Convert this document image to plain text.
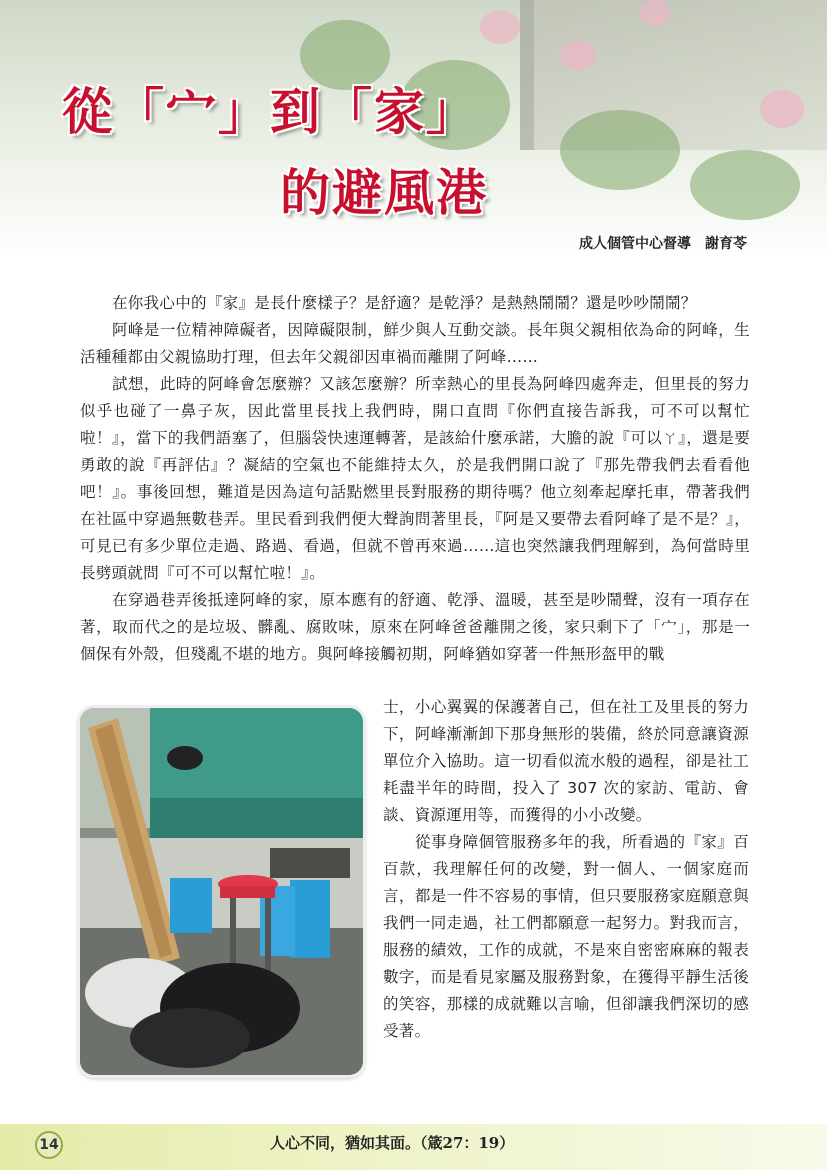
從「宀」到「家」
的避風港
成人個管中心督導　謝育苓

在你我心中的『家』是長什麼樣子？是舒適？是乾淨？是熱熱鬧鬧？還是吵吵鬧鬧？

阿峰是一位精神障礙者，因障礙限制，鮮少與人互動交談。長年與父親相依為命的阿峰，生活種種都由父親協助打理，但去年父親卻因車禍而離開了阿峰……

試想，此時的阿峰會怎麼辦？又該怎麼辦？所幸熱心的里長為阿峰四處奔走，但里長的努力似乎也碰了一鼻子灰，因此當里長找上我們時，開口直問『你們直接告訴我，可不可以幫忙啦！』，當下的我們語塞了，但腦袋快速運轉著，是該給什麼承諾，大膽的說『可以ㄚ』，還是要勇敢的說『再評估』？凝結的空氣也不能維持太久，於是我們開口說了『那先帶我們去看看他吧！』。事後回想，難道是因為這句話點燃里長對服務的期待嗎？他立刻牽起摩托車，帶著我們在社區中穿過無數巷弄。里民看到我們便大聲詢問著里長，『阿是又要帶去看阿峰了是不是？』，可見已有多少單位走過、路過、看過，但就不曾再來過……這也突然讓我們理解到，為何當時里長劈頭就問『可不可以幫忙啦！』。

在穿過巷弄後抵達阿峰的家，原本應有的舒適、乾淨、溫暖，甚至是吵鬧聲，沒有一項存在著，取而代之的是垃圾、髒亂、腐敗味，原來在阿峰爸爸離開之後，家只剩下了「宀」，那是一個保有外殼，但殘亂不堪的地方。與阿峰接觸初期，阿峰猶如穿著一件無形盔甲的戰

士，小心翼翼的保護著自己，但在社工及里長的努力下，阿峰漸漸卸下那身無形的裝備，終於同意讓資源單位介入協助。這一切看似流水般的過程，卻是社工耗盡半年的時間，投入了 307 次的家訪、電訪、會談、資源運用等，而獲得的小小改變。

從事身障個管服務多年的我，所看過的『家』百百款，我理解任何的改變，對一個人、一個家庭而言，都是一件不容易的事情，但只要服務家庭願意與我們一同走過，社工們都願意一起努力。對我而言，服務的績效，工作的成就，不是來自密密麻麻的報表數字，而是看見家屬及服務對象，在獲得平靜生活後的笑容，那樣的成就難以言喻，但卻讓我們深切的感受著。

14	人心不同，猶如其面。（箴27：19）
